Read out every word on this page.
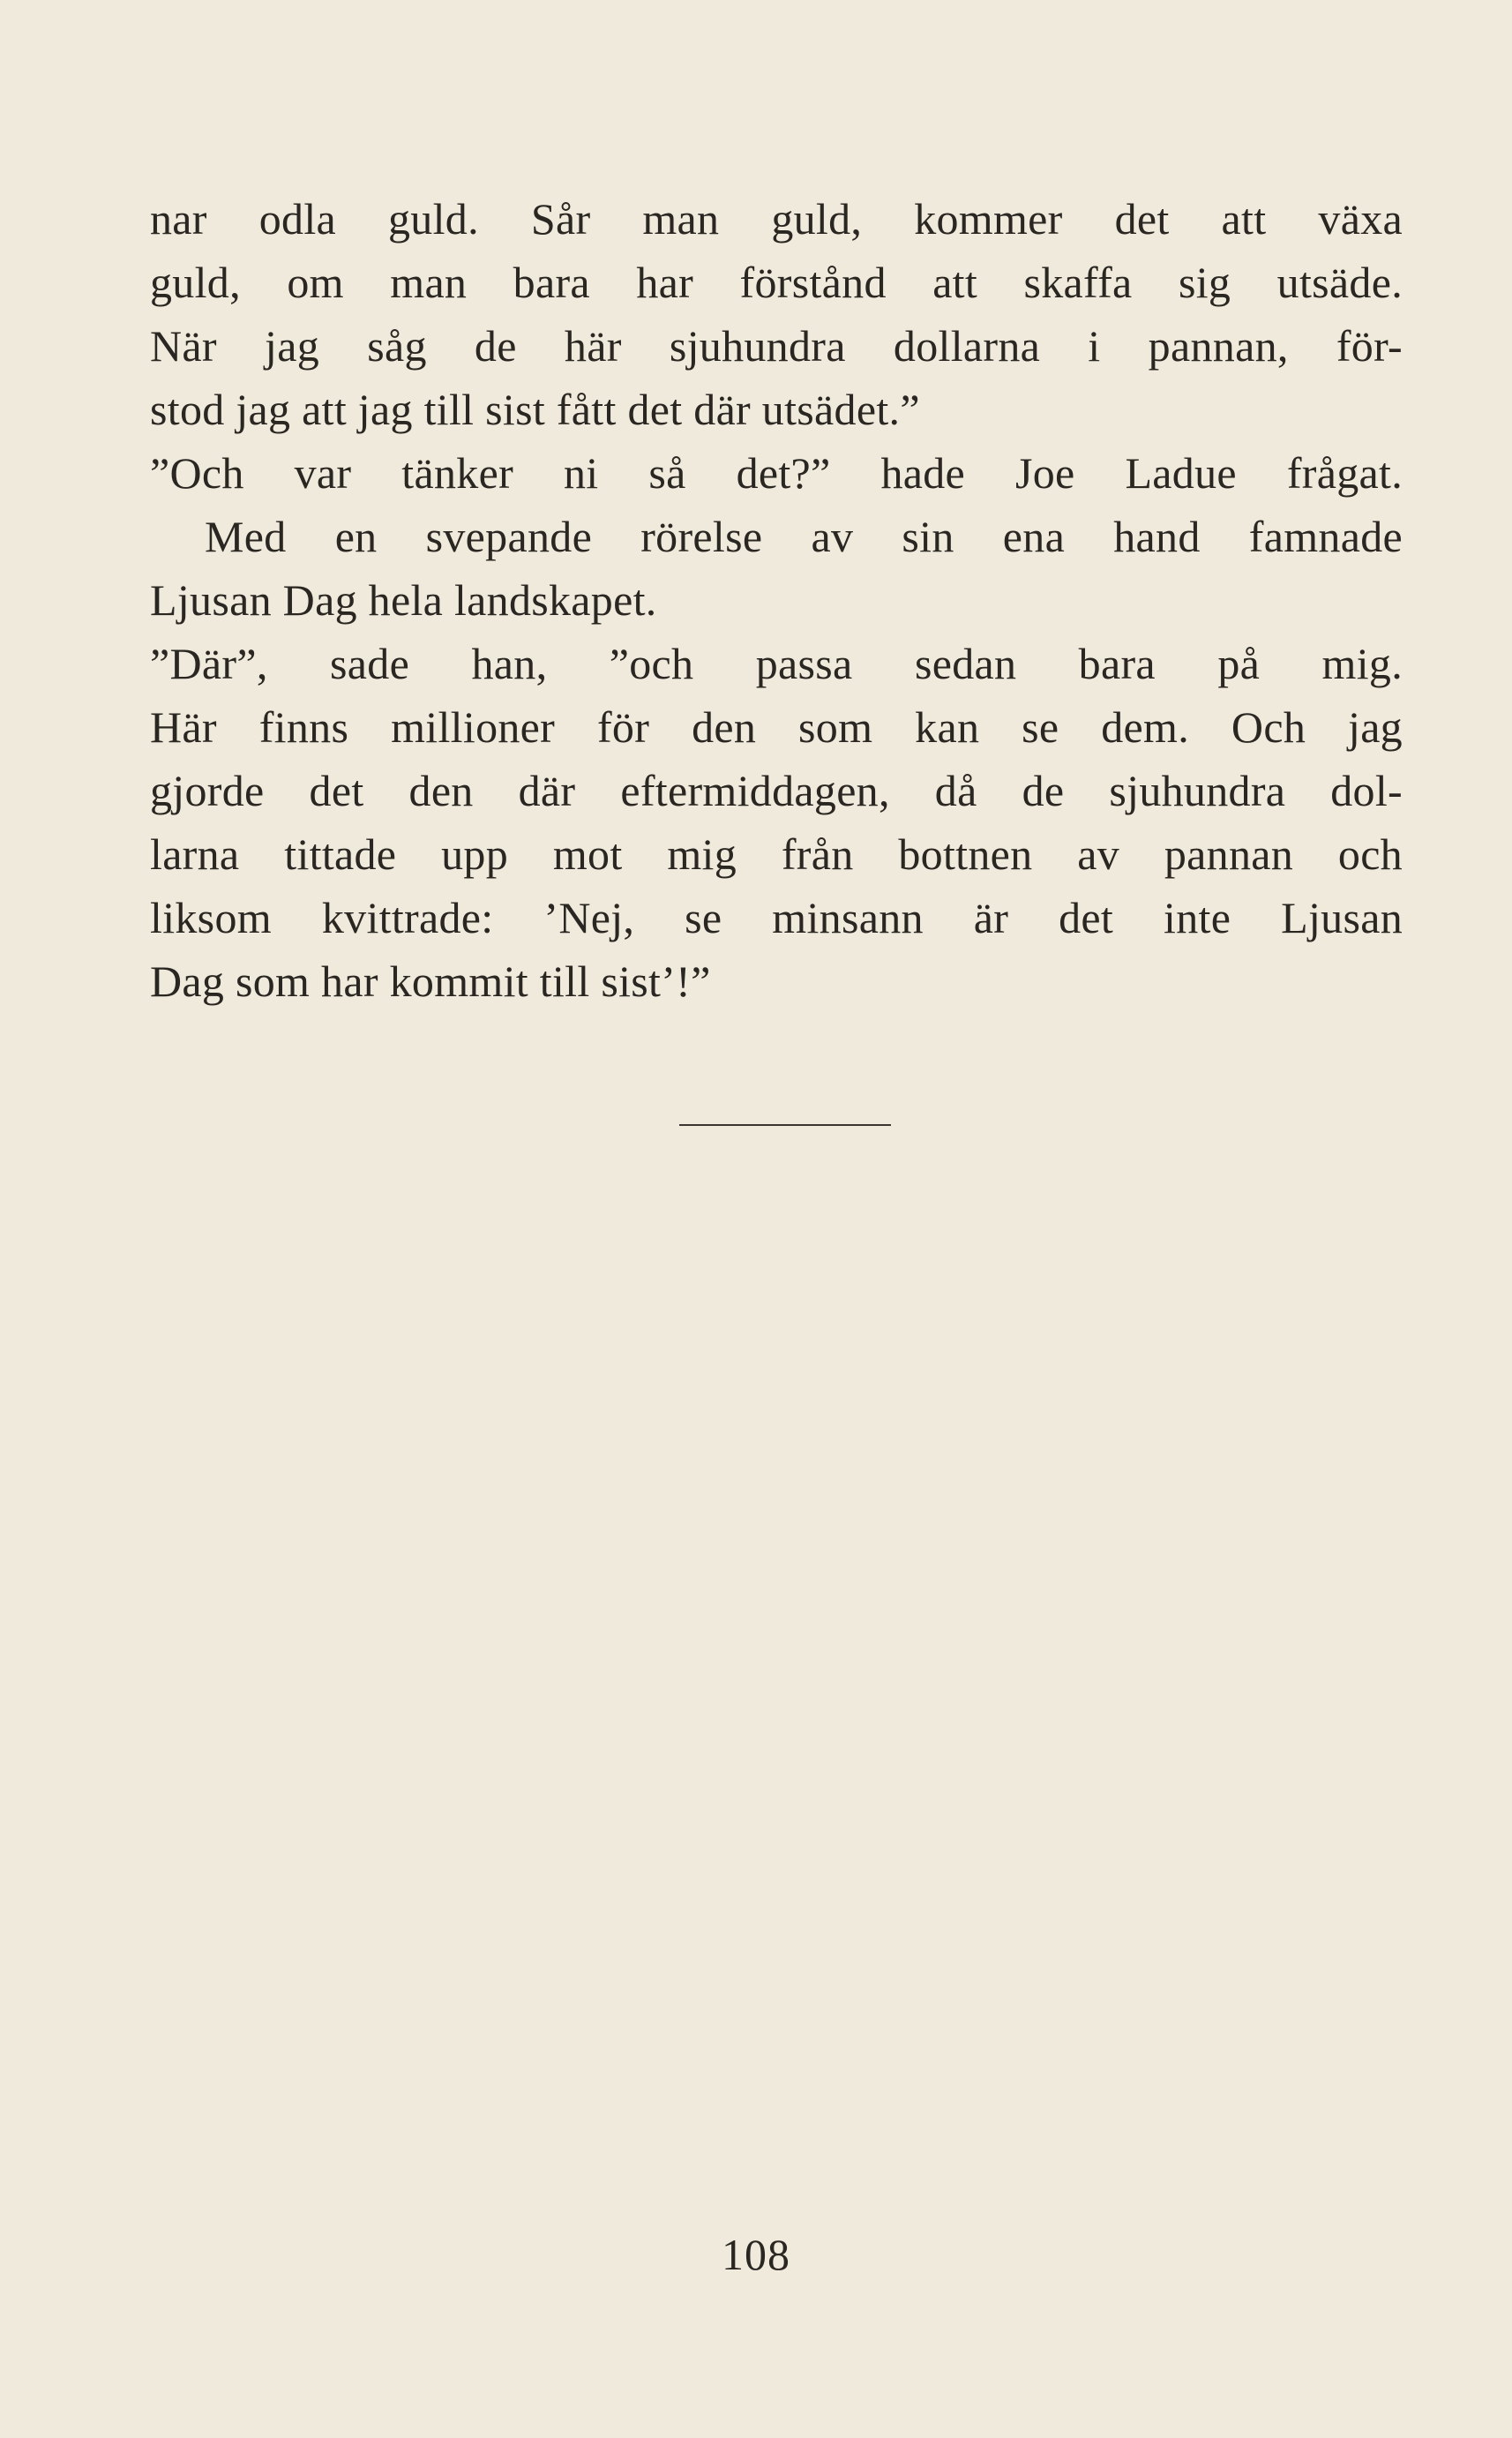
nar odla guld. Sår man guld, kommer det att växa
guld, om man bara har förstånd att skaffa sig utsäde.
När jag såg de här sjuhundra dollarna i pannan, för-
stod jag att jag till sist fått det där utsädet.”
”Och var tänker ni så det?” hade Joe Ladue frågat.
Med en svepande rörelse av sin ena hand famnade
Ljusan Dag hela landskapet.
”Där”, sade han, ”och passa sedan bara på mig.
Här finns millioner för den som kan se dem. Och jag
gjorde det den där eftermiddagen, då de sjuhundra dol-
larna tittade upp mot mig från bottnen av pannan och
liksom kvittrade: ’Nej, se minsann är det inte Ljusan
Dag som har kommit till sist’!”
108
